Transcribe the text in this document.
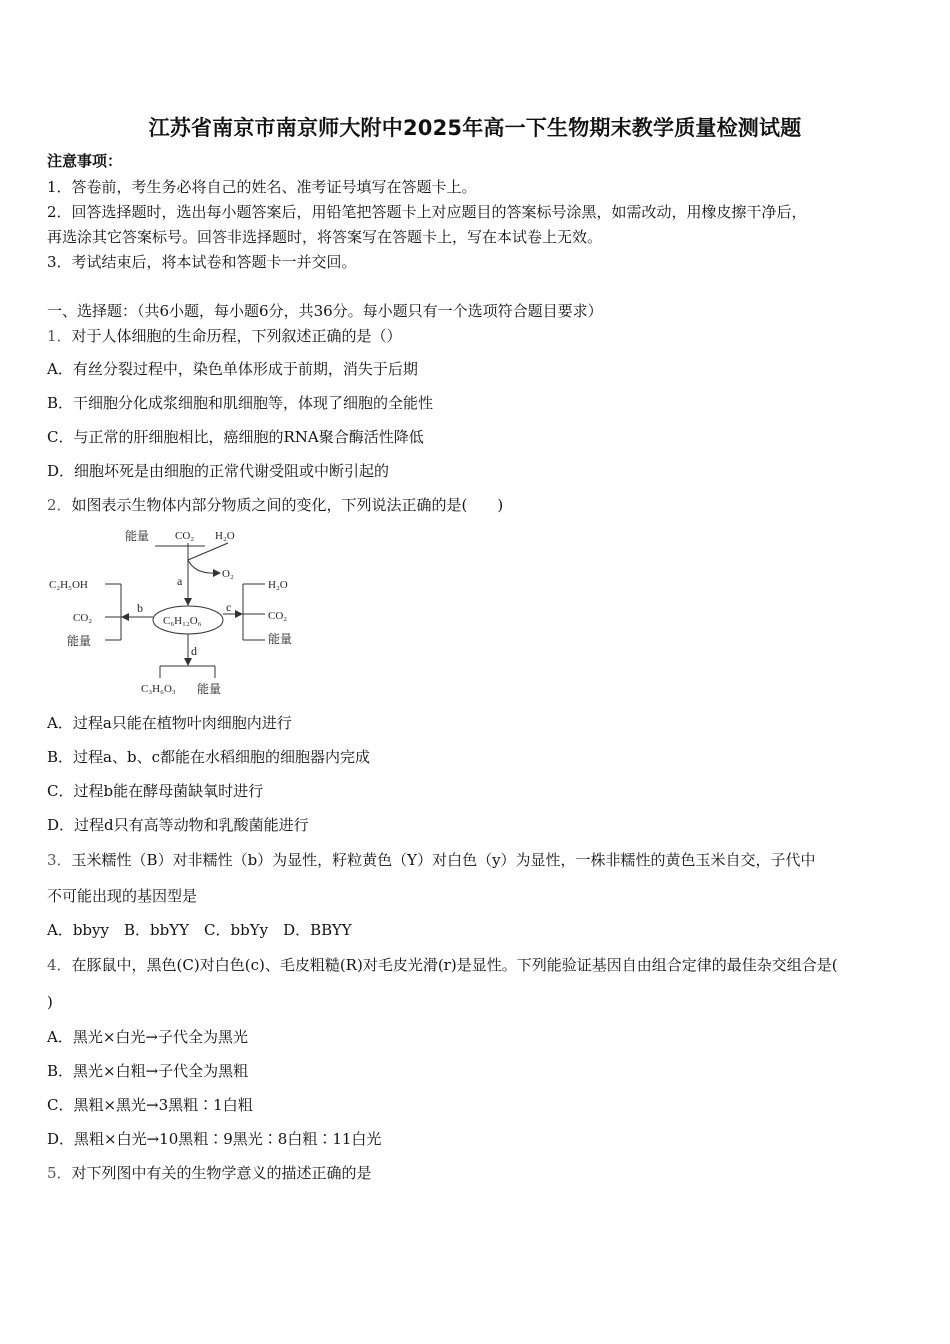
江苏省南京市南京师大附中2025年高一下生物期末教学质量检测试题
注意事项：
1．答卷前，考生务必将自己的姓名、准考证号填写在答题卡上。
2．回答选择题时，选出每小题答案后，用铅笔把答题卡上对应题目的答案标号涂黑，如需改动，用橡皮擦干净后，
再选涂其它答案标号。回答非选择题时，将答案写在答题卡上，写在本试卷上无效。
3．考试结束后，将本试卷和答题卡一并交回。
一、选择题：（共6小题，每小题6分，共36分。每小题只有一个选项符合题目要求）
1．对于人体细胞的生命历程，下列叙述正确的是（）
A．有丝分裂过程中，染色单体形成于前期，消失于后期
B．干细胞分化成浆细胞和肌细胞等，体现了细胞的全能性
C．与正常的肝细胞相比，癌细胞的RNA聚合酶活性降低
D．细胞坏死是由细胞的正常代谢受阻或中断引起的
2．如图表示生物体内部分物质之间的变化，下列说法正确的是(　　)
能量 CO₂ H₂O
O₂
a
C₆H₁₂O₆
b
C₂H₅OH
CO₂
能量
c
H₂O
CO₂
能量
d
C₃H₆O₃ 能量
A．过程a只能在植物叶肉细胞内进行
B．过程a、b、c都能在水稻细胞的细胞器内完成
C．过程b能在酵母菌缺氧时进行
D．过程d只有高等动物和乳酸菌能进行
3．玉米糯性（B）对非糯性（b）为显性，籽粒黄色（Y）对白色（y）为显性，一株非糯性的黄色玉米自交，子代中
不可能出现的基因型是
A．bbyy　B．bbYY　C．bbYy　D．BBYY
4．在豚鼠中，黑色(C)对白色(c)、毛皮粗糙(R)对毛皮光滑(r)是显性。下列能验证基因自由组合定律的最佳杂交组合是(
)
A．黑光×白光→子代全为黑光
B．黑光×白粗→子代全为黑粗
C．黑粗×黑光→3黑粗∶1白粗
D．黑粗×白光→10黑粗∶9黑光∶8白粗∶11白光
5．对下列图中有关的生物学意义的描述正确的是
